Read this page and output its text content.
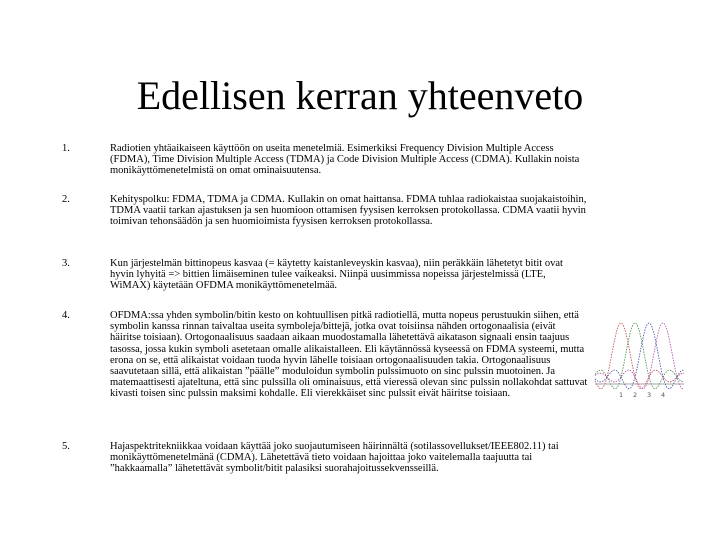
Edellisen kerran yhteenveto
1.	Radiotien yhtäaikaiseen käyttöön on useita menetelmiä. Esimerkiksi Frequency Division Multiple Access (FDMA), Time Division Multiple Access (TDMA) ja Code Division Multiple Access (CDMA). Kullakin noista monikäyttömenetelmistä on omat ominaisuutensa.
2.	Kehityspolku: FDMA, TDMA ja CDMA. Kullakin on omat haittansa. FDMA tuhlaa radiokaistaa suojakaistoihin, TDMA vaatii tarkan ajastuksen ja sen huomioon ottamisen fyysisen kerroksen protokollassa. CDMA vaatii hyvin toimivan tehonsäädön ja sen huomioimista fyysisen kerroksen protokollassa.
3.	Kun järjestelmän bittinopeus kasvaa (= käytetty kaistanleveyskin kasvaa), niin peräkkäin lähetetyt bitit ovat hyvin lyhyitä => bittien limäiseminen tulee vaikeaksi. Niinpä uusimmissa nopeissa järjestelmissä (LTE, WiMAX) käytetään OFDMA monikäyttömenetelmää.
4.	OFDMA:ssa yhden symbolin/bitin kesto on kohtuullisen pitkä radiotiellä, mutta nopeus perustuukin siihen, että symbolin kanssa rinnan taivaltaa useita symboleja/bittejä, jotka ovat toisiinsa nähden ortogonaalisia (eivät häiritse toisiaan). Ortogonaalisuus saadaan aikaan muodostamalla lähetettävä aikatason signaali ensin taajuus tasossa, jossa kukin symboli asetetaan omalle alikaistalleen. Eli käytännössä kyseessä on FDMA systeemi, mutta erona on se, että alikaistat voidaan tuoda hyvin lähelle toisiaan ortogonaalisuuden takia. Ortogonaalisuus saavutetaan sillä, että alikaistan ”päälle” moduloidun symbolin pulssimuoto on sinc pulssin muotoinen. Ja matemaattisesti ajateltuna, että sinc pulssilla oli ominaisuus, että vieressä olevan sinc pulssin nollakohdat sattuvat kivasti toisen sinc pulssin maksimi kohdalle. Eli vierekkäiset sinc pulssit eivät häiritse toisiaan.
5.	Hajaspektritekniikkaa voidaan käyttää joko suojautumiseen häirinnältä (sotilassovellukset/IEEE802.11) tai monikäyttömenetelmänä (CDMA). Lähetettävä tieto voidaan hajoittaa joko vaitelemalla taajuutta tai ”hakkaamalla” lähetettävät symbolit/bitit palasiksi suorahajoitussekvensseillä.
1 2 3 4
